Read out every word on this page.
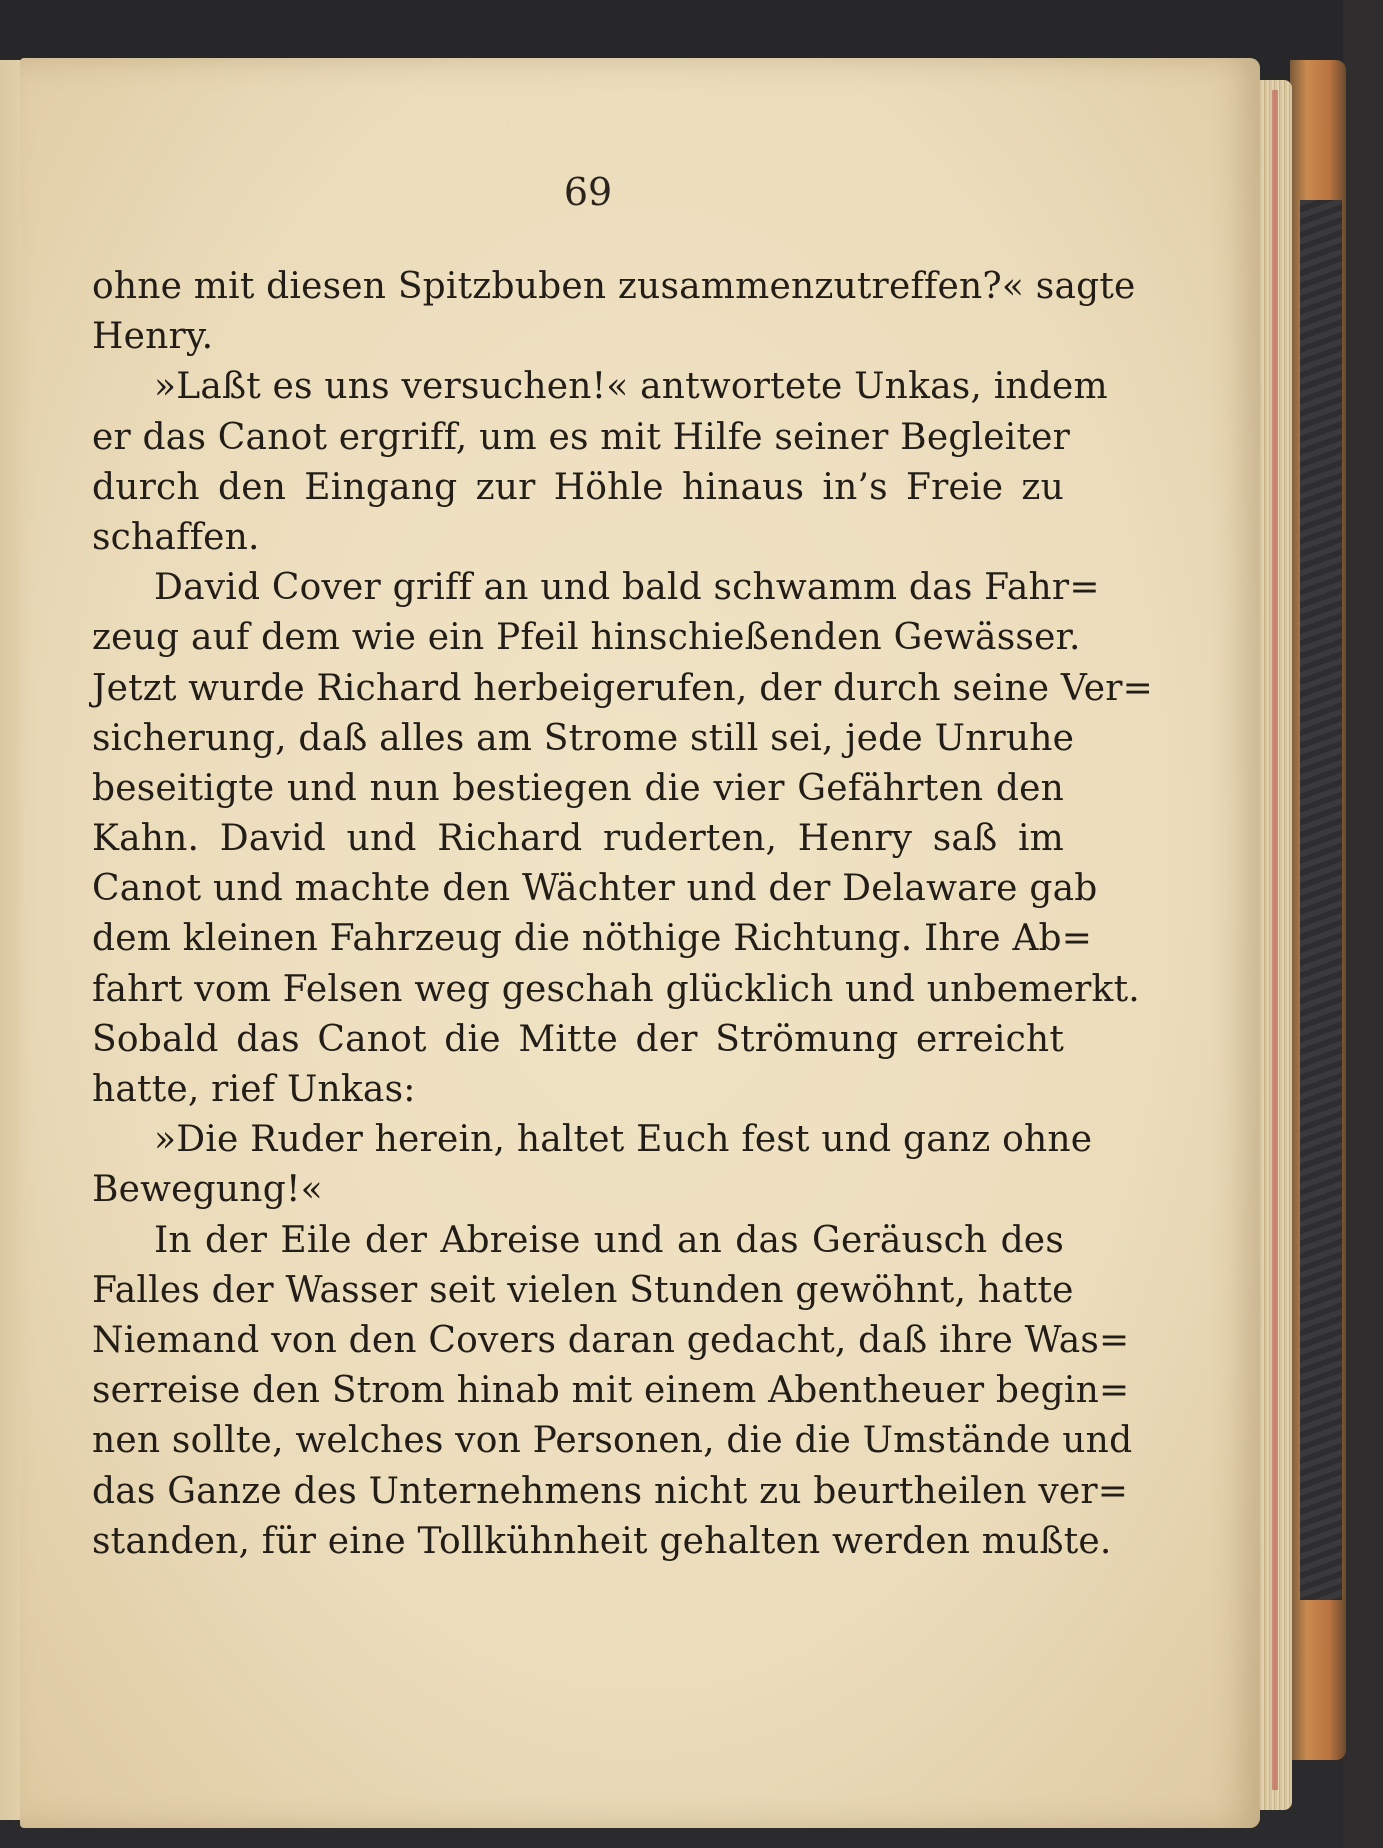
69
ohne mit diesen Spitzbuben zusammenzutreffen?« sagte
Henry.
»Laßt es uns versuchen!« antwortete Unkas, indem
er das Canot ergriff, um es mit Hilfe seiner Begleiter
durch den Eingang zur Höhle hinaus in’s Freie zu
schaffen.
David Cover griff an und bald schwamm das Fahr=
zeug auf dem wie ein Pfeil hinschießenden Gewässer.
Jetzt wurde Richard herbeigerufen, der durch seine Ver=
sicherung, daß alles am Strome still sei, jede Unruhe
beseitigte und nun bestiegen die vier Gefährten den
Kahn. David und Richard ruderten, Henry saß im
Canot und machte den Wächter und der Delaware gab
dem kleinen Fahrzeug die nöthige Richtung. Ihre Ab=
fahrt vom Felsen weg geschah glücklich und unbemerkt.
Sobald das Canot die Mitte der Strömung erreicht
hatte, rief Unkas:
»Die Ruder herein, haltet Euch fest und ganz ohne
Bewegung!«
In der Eile der Abreise und an das Geräusch des
Falles der Wasser seit vielen Stunden gewöhnt, hatte
Niemand von den Covers daran gedacht, daß ihre Was=
serreise den Strom hinab mit einem Abentheuer begin=
nen sollte, welches von Personen, die die Umstände und
das Ganze des Unternehmens nicht zu beurtheilen ver=
standen, für eine Tollkühnheit gehalten werden mußte.
